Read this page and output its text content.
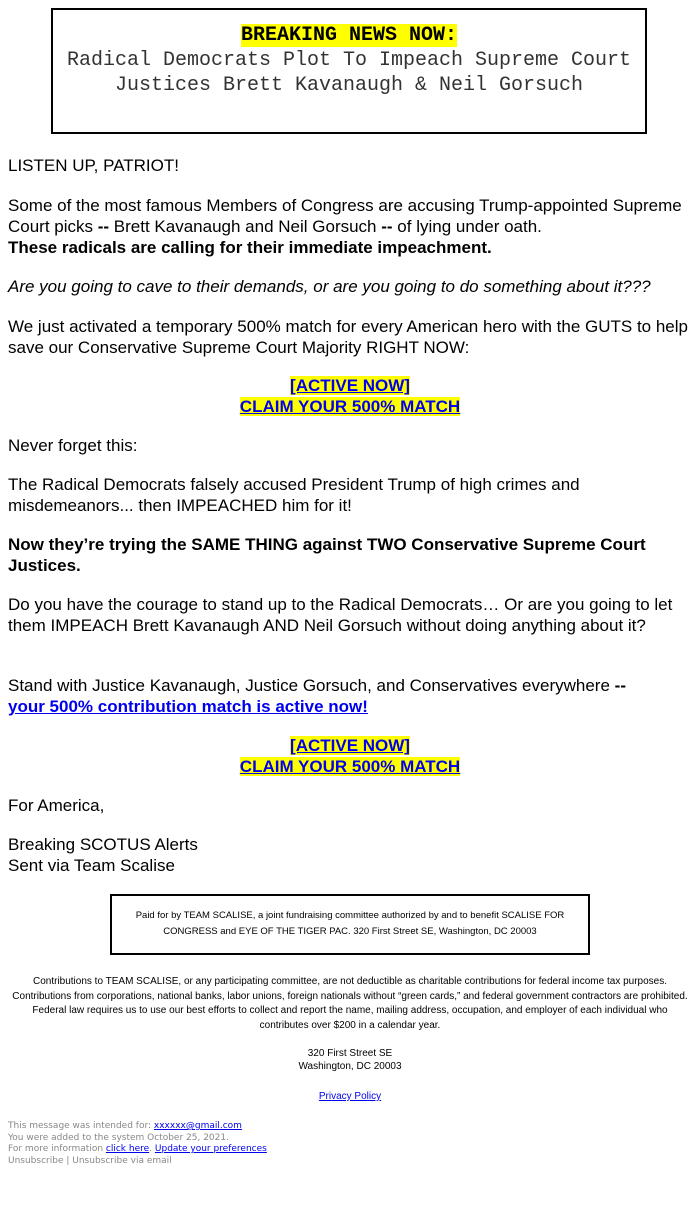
BREAKING NEWS NOW:
Radical Democrats Plot To Impeach Supreme Court Justices Brett Kavanaugh & Neil Gorsuch

LISTEN UP, PATRIOT!

Some of the most famous Members of Congress are accusing Trump-appointed Supreme Court picks -- Brett Kavanaugh and Neil Gorsuch -- of lying under oath.
These radicals are calling for their immediate impeachment.

Are you going to cave to their demands, or are you going to do something about it???

We just activated a temporary 500% match for every American hero with the GUTS to help save our Conservative Supreme Court Majority RIGHT NOW:

[ACTIVE NOW]
CLAIM YOUR 500% MATCH

Never forget this:

The Radical Democrats falsely accused President Trump of high crimes and misdemeanors... then IMPEACHED him for it!

Now they’re trying the SAME THING against TWO Conservative Supreme Court Justices.

Do you have the courage to stand up to the Radical Democrats… Or are you going to let them IMPEACH Brett Kavanaugh AND Neil Gorsuch without doing anything about it?

Stand with Justice Kavanaugh, Justice Gorsuch, and Conservatives everywhere --
your 500% contribution match is active now!

[ACTIVE NOW]
CLAIM YOUR 500% MATCH

For America,

Breaking SCOTUS Alerts
Sent via Team Scalise

Paid for by TEAM SCALISE, a joint fundraising committee authorized by and to benefit SCALISE FOR CONGRESS and EYE OF THE TIGER PAC. 320 First Street SE, Washington, DC 20003
Contributions to TEAM SCALISE, or any participating committee, are not deductible as charitable contributions for federal income tax purposes. Contributions from corporations, national banks, labor unions, foreign nationals without “green cards,” and federal government contractors are prohibited. Federal law requires us to use our best efforts to collect and report the name, mailing address, occupation, and employer of each individual who contributes over $200 in a calendar year.
320 First Street SE
Washington, DC 20003
Privacy Policy
This message was intended for: xxxxxx@gmail.com
You were added to the system October 25, 2021.
For more information click here. Update your preferences
Unsubscribe | Unsubscribe via email
